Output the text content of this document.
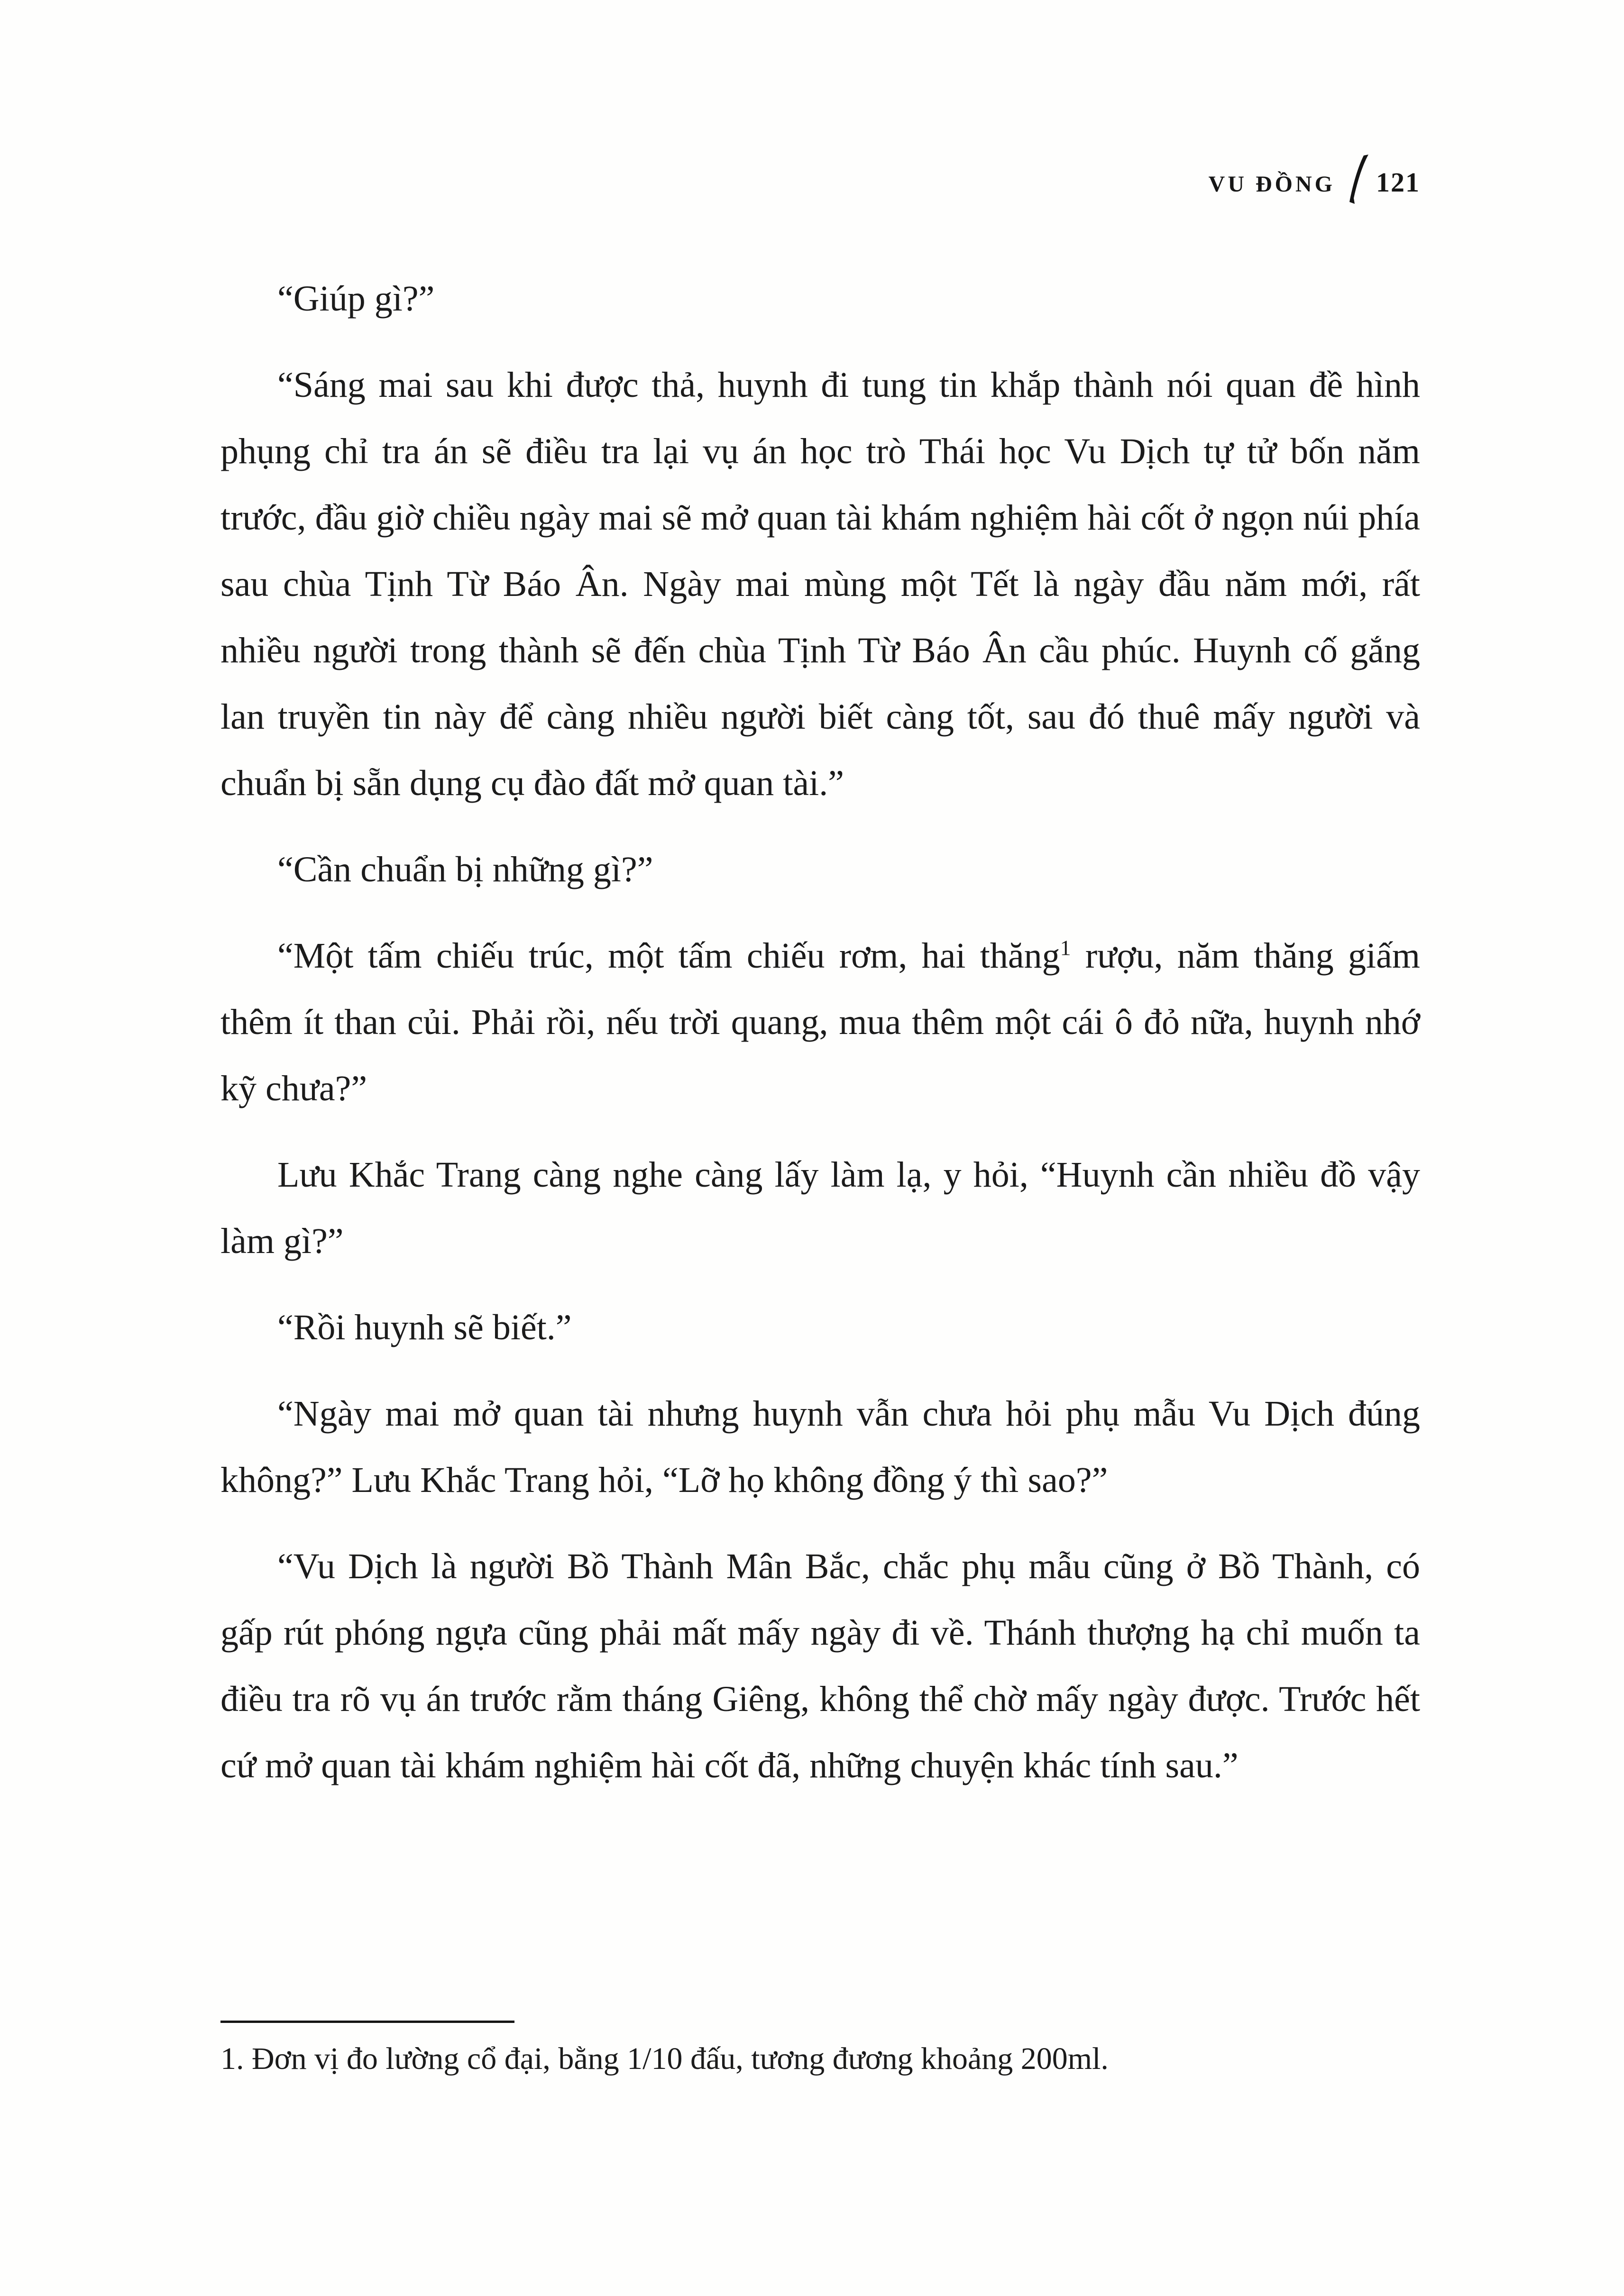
VU ĐỒNG 121

“Giúp gì?”

“Sáng mai sau khi được thả, huynh đi tung tin khắp thành nói quan đề hình phụng chỉ tra án sẽ điều tra lại vụ án học trò Thái học Vu Dịch tự tử bốn năm trước, đầu giờ chiều ngày mai sẽ mở quan tài khám nghiệm hài cốt ở ngọn núi phía sau chùa Tịnh Từ Báo Ân. Ngày mai mùng một Tết là ngày đầu năm mới, rất nhiều người trong thành sẽ đến chùa Tịnh Từ Báo Ân cầu phúc. Huynh cố gắng lan truyền tin này để càng nhiều người biết càng tốt, sau đó thuê mấy người và chuẩn bị sẵn dụng cụ đào đất mở quan tài.”

“Cần chuẩn bị những gì?”

“Một tấm chiếu trúc, một tấm chiếu rơm, hai thăng$^1$ rượu, năm thăng giấm thêm ít than củi. Phải rồi, nếu trời quang, mua thêm một cái ô đỏ nữa, huynh nhớ kỹ chưa?”

Lưu Khắc Trang càng nghe càng lấy làm lạ, y hỏi, “Huynh cần nhiều đồ vậy làm gì?”

“Rồi huynh sẽ biết.”

“Ngày mai mở quan tài nhưng huynh vẫn chưa hỏi phụ mẫu Vu Dịch đúng không?” Lưu Khắc Trang hỏi, “Lỡ họ không đồng ý thì sao?”

“Vu Dịch là người Bồ Thành Mân Bắc, chắc phụ mẫu cũng ở Bồ Thành, có gấp rút phóng ngựa cũng phải mất mấy ngày đi về. Thánh thượng hạ chỉ muốn ta điều tra rõ vụ án trước rằm tháng Giêng, không thể chờ mấy ngày được. Trước hết cứ mở quan tài khám nghiệm hài cốt đã, những chuyện khác tính sau.”

1. Đơn vị đo lường cổ đại, bằng 1/10 đấu, tương đương khoảng 200ml.
